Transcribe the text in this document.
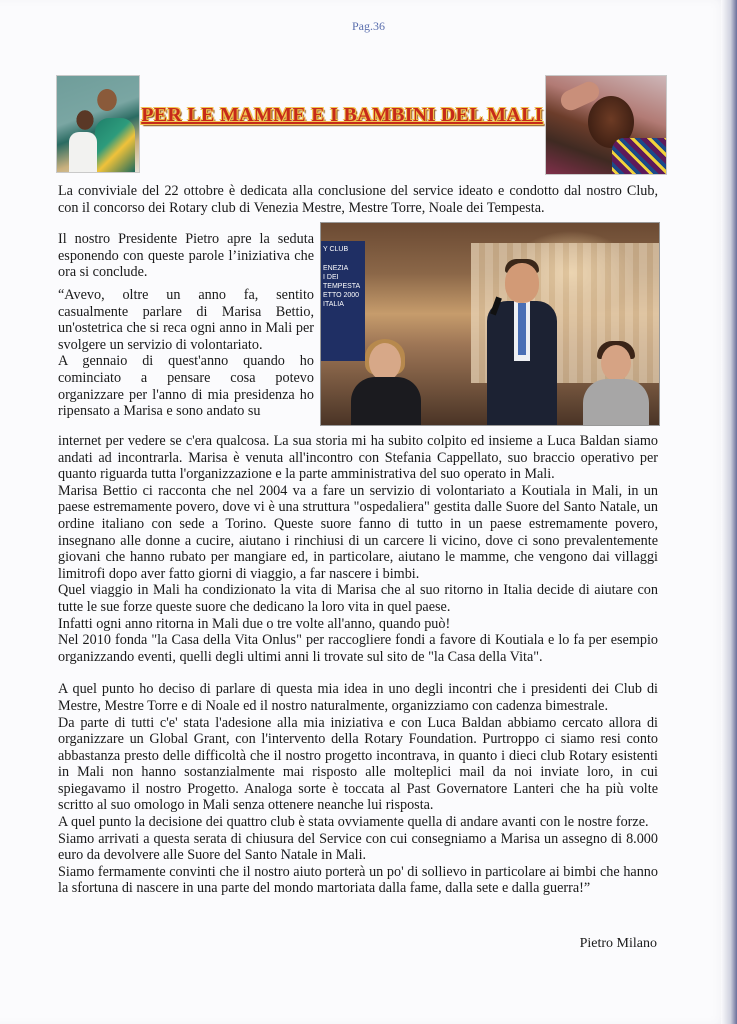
Pag.36
PER LE MAMME E I BAMBINI DEL MALI

La conviviale del 22 ottobre è dedicata alla conclusione del service ideato e condotto dal nostro Club, con il concorso dei Rotary club di Venezia Mestre, Mestre Torre, Noale dei Tempesta.

Il nostro Presidente Pietro apre la seduta esponendo con queste parole l’iniziativa che ora si conclude.

“Avevo, oltre un anno fa, sentito casualmente parlare di Marisa Bettio, un'ostetrica che si reca ogni anno in Mali per svolgere un servizio di volontariato.
A gennaio di quest'anno quando ho cominciato a pensare cosa potevo organizzare per l'anno di mia presidenza ho ripensato a Marisa e sono andato su
Y CLUB
ENEZIA
I DEI TEMPESTA
ETTO 2000
ITALIA
internet per vedere se c'era qualcosa. La sua storia mi ha subito colpito ed insieme a Luca Baldan siamo andati ad incontrarla. Marisa è venuta all'incontro con Stefania Cappellato, suo braccio operativo per quanto riguarda tutta l'organizzazione e la parte amministrativa del suo operato in Mali.
Marisa Bettio ci racconta che nel 2004 va a fare un servizio di volontariato a Koutiala in Mali, in un paese estremamente povero, dove vi è una struttura "ospedaliera" gestita dalle Suore del Santo Natale, un ordine italiano con sede a Torino. Queste suore fanno di tutto in un paese estremamente povero, insegnano alle donne a cucire, aiutano i rinchiusi di un carcere li vicino, dove ci sono prevalentemente giovani che hanno rubato per mangiare ed, in particolare, aiutano le mamme, che vengono dai villaggi limitrofi dopo aver fatto giorni di viaggio, a far nascere i bimbi.
Quel viaggio in Mali ha condizionato la vita di Marisa che al suo ritorno in Italia decide di aiutare con tutte le sue forze queste suore che dedicano la loro vita in quel paese.
Infatti ogni anno ritorna in Mali due o tre volte all'anno, quando può!
Nel 2010 fonda "la Casa della Vita Onlus" per raccogliere fondi a favore di Koutiala e lo fa per esempio organizzando eventi, quelli degli ultimi anni li trovate sul sito de "la Casa della Vita".
A quel punto ho deciso di parlare di questa mia idea in uno degli incontri che i presidenti dei Club di Mestre, Mestre Torre e di Noale ed il nostro naturalmente, organizziamo con cadenza bimestrale.
Da parte di tutti c'e' stata l'adesione alla mia iniziativa e con Luca Baldan abbiamo cercato allora di organizzare un Global Grant, con l'intervento della Rotary Foundation. Purtroppo ci siamo resi conto abbastanza presto delle difficoltà che il nostro progetto incontrava, in quanto i dieci club Rotary esistenti in Mali non hanno sostanzialmente mai risposto alle molteplici mail da noi inviate loro, in cui spiegavamo il nostro Progetto. Analoga sorte è toccata al Past Governatore Lanteri che ha più volte scritto al suo omologo in Mali senza ottenere neanche lui risposta.
A quel punto la decisione dei quattro club è stata ovviamente quella di andare avanti con le nostre forze.
Siamo arrivati a questa serata di chiusura del Service con cui consegniamo a Marisa un assegno di 8.000 euro da devolvere alle Suore del Santo Natale in Mali.
Siamo fermamente convinti che il nostro aiuto porterà un po' di sollievo in particolare ai bimbi che hanno la sfortuna di nascere in una parte del mondo martoriata dalla fame, dalla sete e dalla guerra!”
Pietro Milano
